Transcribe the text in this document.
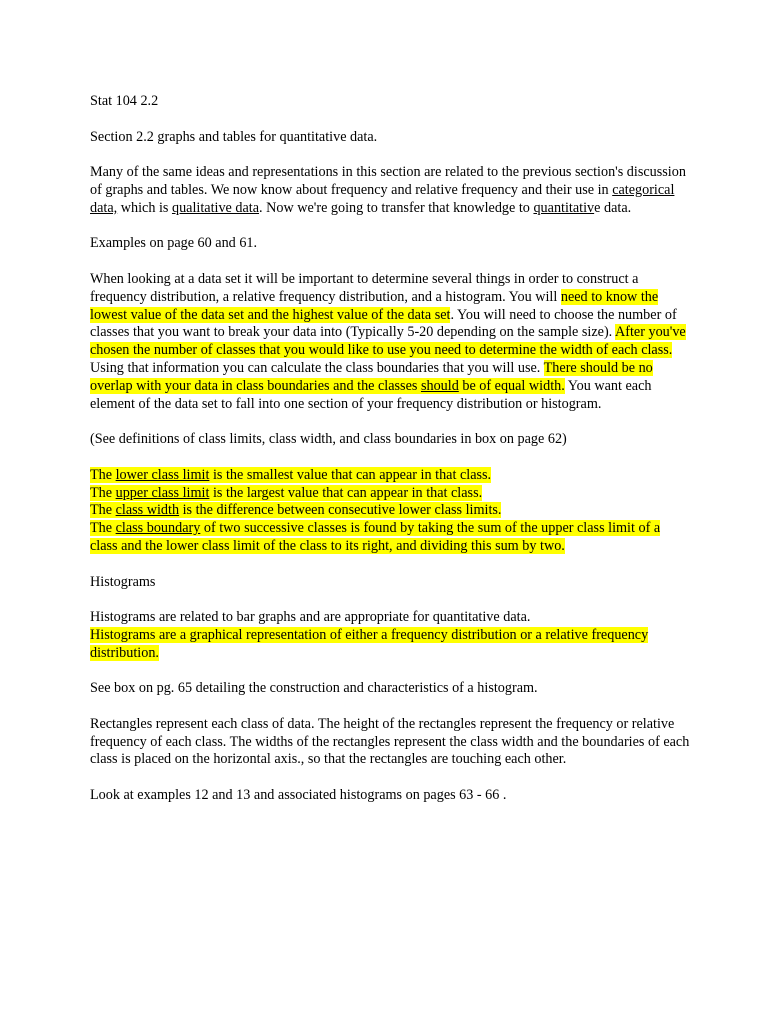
Stat 104 2.2

Section 2.2 graphs and tables for quantitative data.

Many of the same ideas and representations in this section are related to the previous section's discussion of graphs and tables. We now know about frequency and relative frequency and their use in categorical data, which is qualitative data. Now we're going to transfer that knowledge to quantitative data.

Examples on page 60 and 61.

When looking at a data set it will be important to determine several things in order to construct a frequency distribution, a relative frequency distribution, and a histogram. You will need to know the lowest value of the data set and the highest value of the data set. You will need to choose the number of classes that you want to break your data into (Typically 5-20 depending on the sample size). After you've chosen the number of classes that you would like to use you need to determine the width of each class. Using that information you can calculate the class boundaries that you will use. There should be no overlap with your data in class boundaries and the classes should be of equal width. You want each element of the data set to fall into one section of your frequency distribution or histogram.

(See definitions of class limits, class width, and class boundaries in box on page 62)

The lower class limit is the smallest value that can appear in that class.
The upper class limit is the largest value that can appear in that class.
The class width is the difference between consecutive lower class limits.
The class boundary of two successive classes is found by taking the sum of the upper class limit of a class and the lower class limit of the class to its right, and dividing this sum by two.

Histograms

Histograms are related to bar graphs and are appropriate for quantitative data.
Histograms are a graphical representation of either a frequency distribution or a relative frequency distribution.

See box on pg. 65 detailing the construction and characteristics of a histogram.

Rectangles represent each class of data. The height of the rectangles represent the frequency or relative frequency of each class. The widths of the rectangles represent the class width and the boundaries of each class is placed on the horizontal axis., so that the rectangles are touching each other.

Look at examples 12 and 13 and associated histograms on pages 63 - 66 .
